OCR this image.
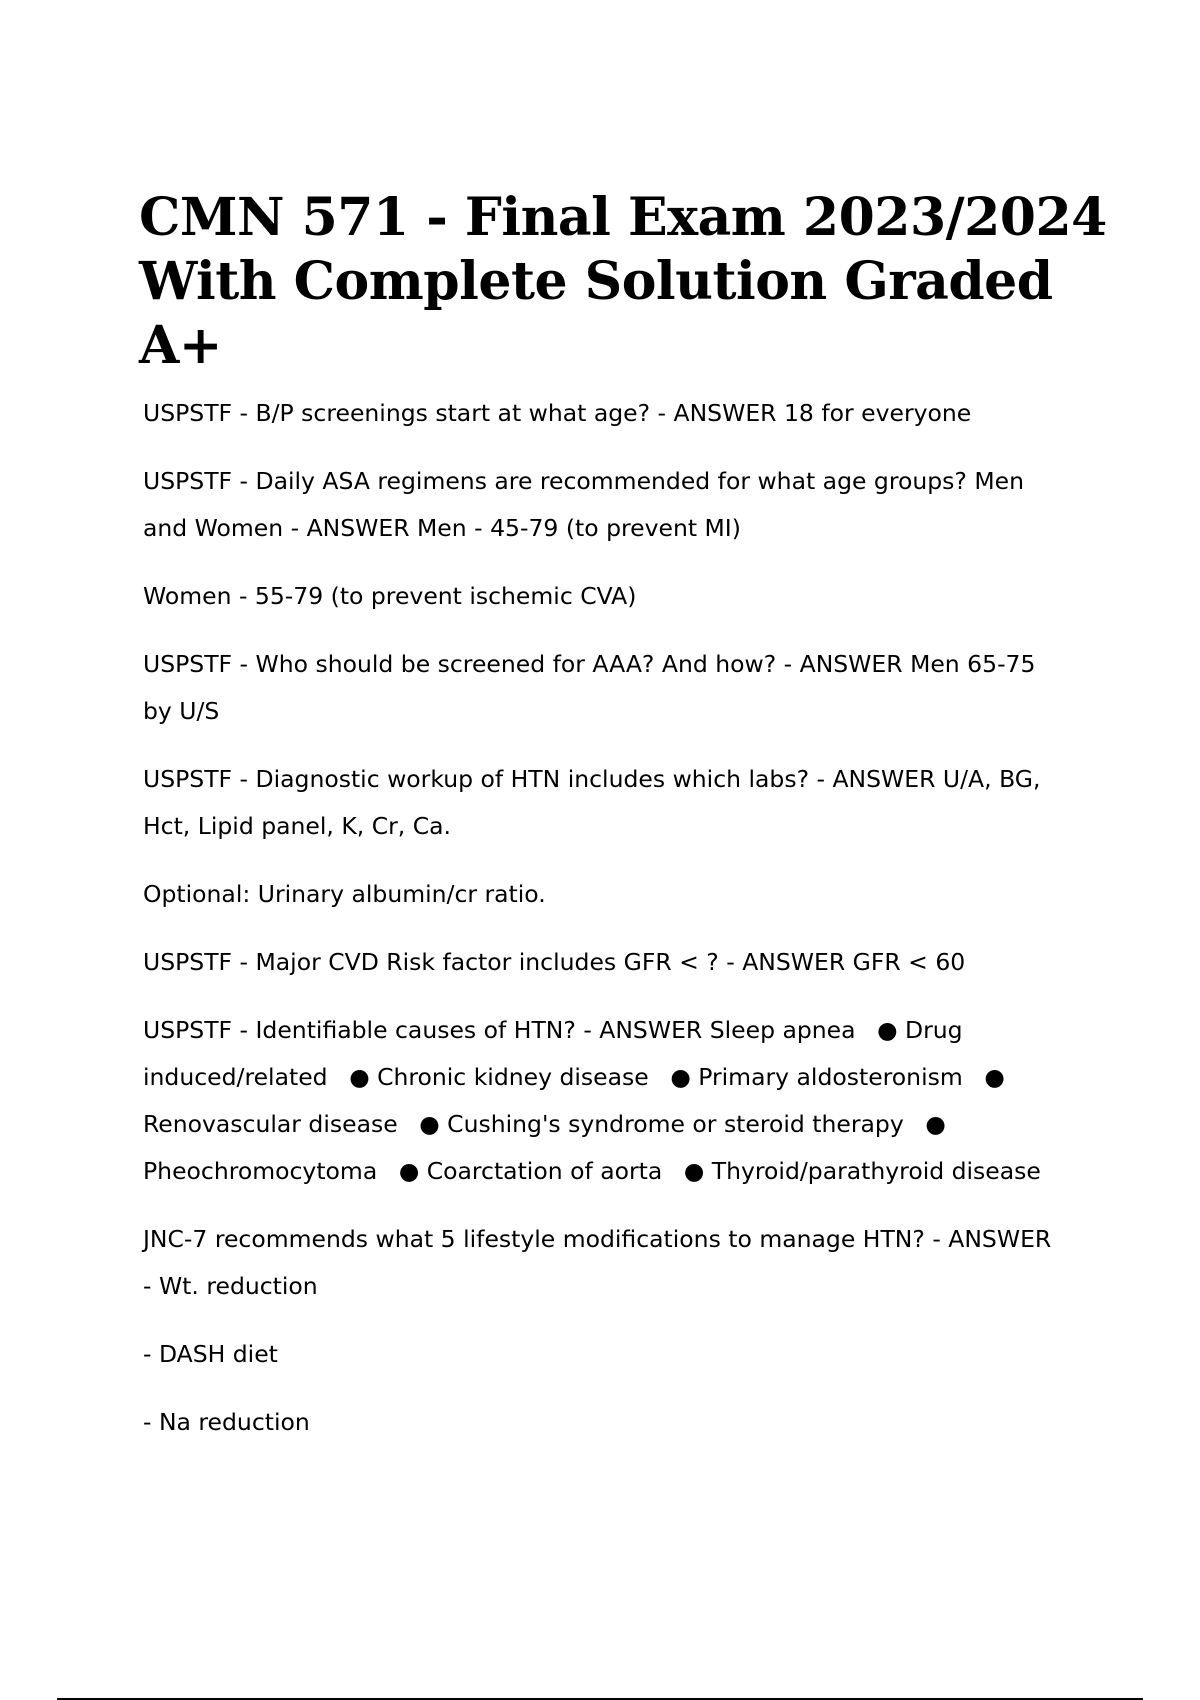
CMN 571 - Final Exam 2023/2024 With Complete Solution Graded A+

USPSTF - B/P screenings start at what age? - ANSWER 18 for everyone

USPSTF - Daily ASA regimens are recommended for what age groups? Men and Women - ANSWER Men - 45-79 (to prevent MI)

Women - 55-79 (to prevent ischemic CVA)

USPSTF - Who should be screened for AAA? And how? - ANSWER Men 65-75 by U/S

USPSTF - Diagnostic workup of HTN includes which labs? - ANSWER U/A, BG, Hct, Lipid panel, K, Cr, Ca.

Optional: Urinary albumin/cr ratio.

USPSTF - Major CVD Risk factor includes GFR < ? - ANSWER GFR < 60

USPSTF - Identifiable causes of HTN? - ANSWER Sleep apnea ● Drug induced/related ● Chronic kidney disease ● Primary aldosteronism ● Renovascular disease ● Cushing's syndrome or steroid therapy ● Pheochromocytoma ● Coarctation of aorta ● Thyroid/parathyroid disease

JNC-7 recommends what 5 lifestyle modifications to manage HTN? - ANSWER - Wt. reduction

- DASH diet

- Na reduction
